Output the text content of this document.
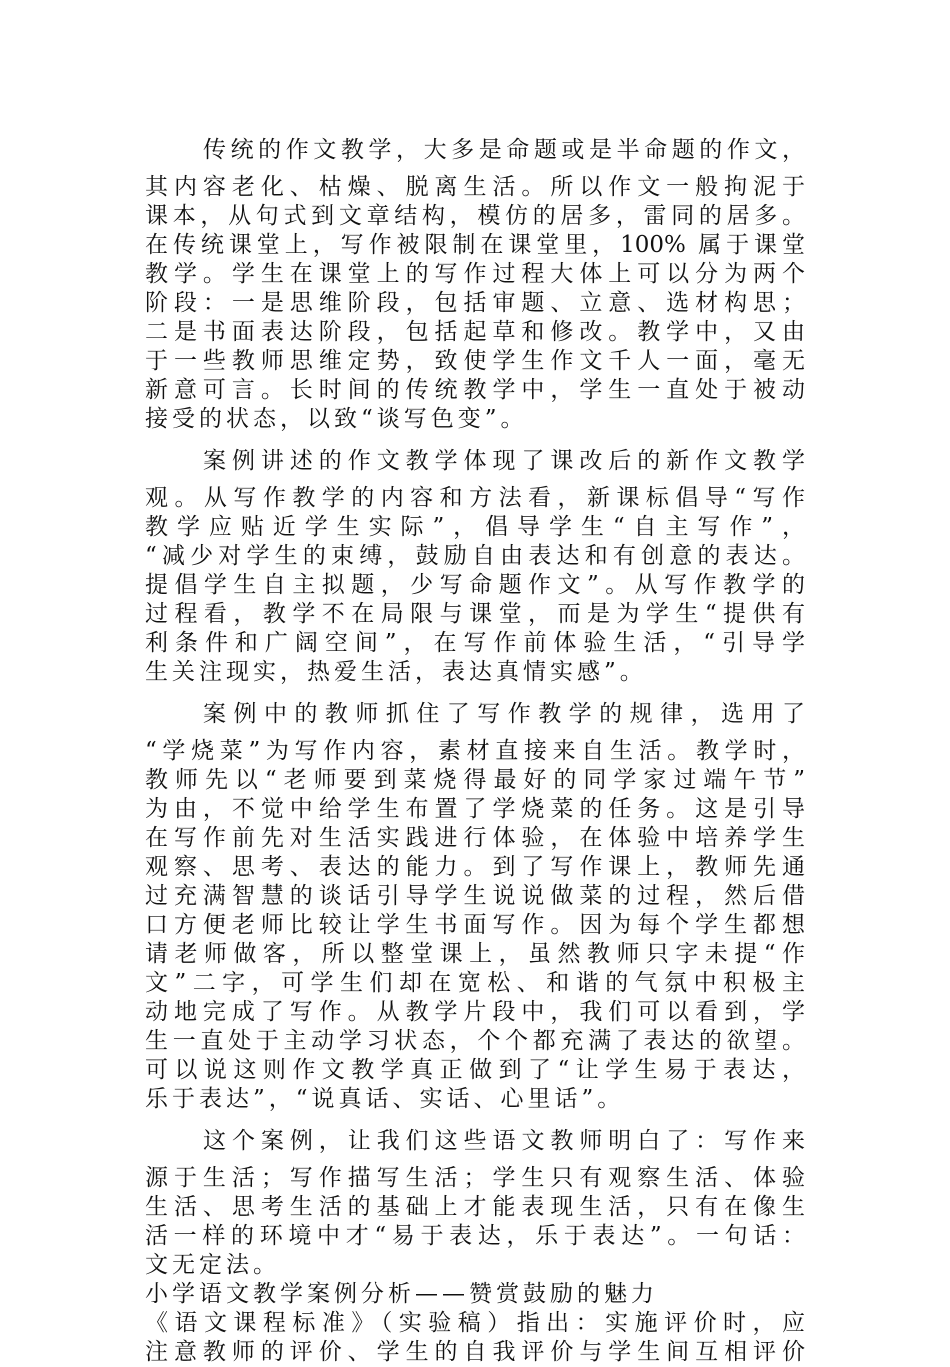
传统的作文教学，大多是命题或是半命题的作文，
其内容老化、枯燥、脱离生活。所以作文一般拘泥于
课本，从句式到文章结构，模仿的居多，雷同的居多。
在传统课堂上，写作被限制在课堂里，100% 属于课堂
教学。学生在课堂上的写作过程大体上可以分为两个
阶段：一是思维阶段，包括审题、立意、选材构思；
二是书面表达阶段，包括起草和修改。教学中，又由
于一些教师思维定势，致使学生作文千人一面，毫无
新意可言。长时间的传统教学中，学生一直处于被动
接受的状态，以致“谈写色变”。
案例讲述的作文教学体现了课改后的新作文教学
观。从写作教学的内容和方法看，新课标倡导“写作
教学应贴近学生实际”，倡导学生“自主写作”，
“减少对学生的束缚，鼓励自由表达和有创意的表达。
提倡学生自主拟题，少写命题作文”。从写作教学的
过程看，教学不在局限与课堂，而是为学生“提供有
利条件和广阔空间”，在写作前体验生活，“引导学
生关注现实，热爱生活，表达真情实感”。
案例中的教师抓住了写作教学的规律，选用了
“学烧菜”为写作内容，素材直接来自生活。教学时，
教师先以“老师要到菜烧得最好的同学家过端午节”
为由，不觉中给学生布置了学烧菜的任务。这是引导
在写作前先对生活实践进行体验，在体验中培养学生
观察、思考、表达的能力。到了写作课上，教师先通
过充满智慧的谈话引导学生说说做菜的过程，然后借
口方便老师比较让学生书面写作。因为每个学生都想
请老师做客，所以整堂课上，虽然教师只字未提“作
文”二字，可学生们却在宽松、和谐的气氛中积极主
动地完成了写作。从教学片段中，我们可以看到，学
生一直处于主动学习状态，个个都充满了表达的欲望。
可以说这则作文教学真正做到了“让学生易于表达，
乐于表达”，“说真话、实话、心里话”。
这个案例，让我们这些语文教师明白了：写作来
源于生活；写作描写生活；学生只有观察生活、体验
生活、思考生活的基础上才能表现生活，只有在像生
活一样的环境中才“易于表达，乐于表达”。一句话：
文无定法。
小学语文教学案例分析——赞赏鼓励的魅力
《语文课程标准》（实验稿）指出：实施评价时，应
注意教师的评价、学生的自我评价与学生间互相评价
